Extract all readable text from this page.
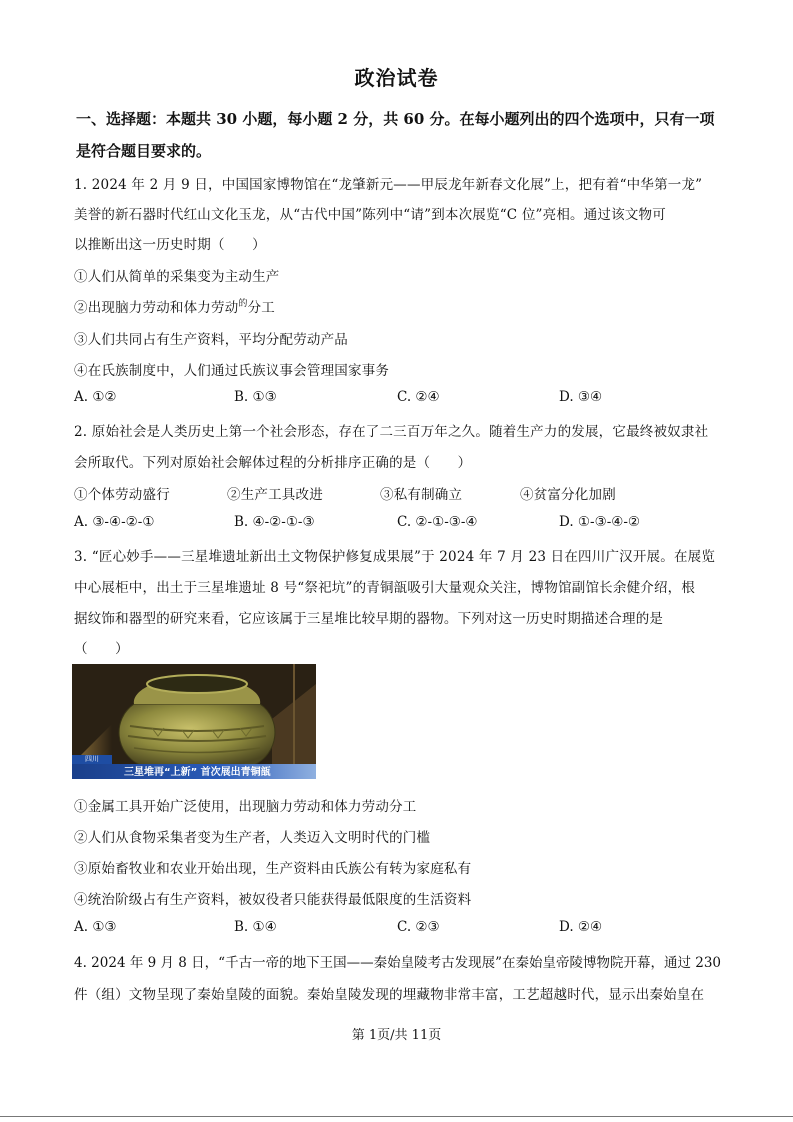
政治试卷
一、选择题：本题共 30 小题，每小题 2 分，共 60 分。在每小题列出的四个选项中，只有一项
是符合题目要求的。
1. 2024 年 2 月 9 日，中国国家博物馆在“龙肇新元——甲辰龙年新春文化展”上，把有着“中华第一龙”
美誉的新石器时代红山文化玉龙，从“古代中国”陈列中“请”到本次展览“C 位”亮相。通过该文物可
以推断出这一历史时期（　　）
①人们从简单的采集变为主动生产
②出现脑力劳动和体力劳动$^的$分工
③人们共同占有生产资料，平均分配劳动产品
④在氏族制度中，人们通过氏族议事会管理国家事务
A. ①②	B. ①③	C. ②④	D. ③④
2. 原始社会是人类历史上第一个社会形态，存在了二三百万年之久。随着生产力的发展，它最终被奴隶社
会所取代。下列对原始社会解体过程的分析排序正确的是（　　）
①个体劳动盛行	②生产工具改进	③私有制确立	④贫富分化加剧
A. ③-④-②-①	B. ④-②-①-③	C. ②-①-③-④	D. ①-③-④-②
3. “匠心妙手——三星堆遗址新出土文物保护修复成果展”于 2024 年 7 月 23 日在四川广汉开展。在展览
中心展柜中，出土于三星堆遗址 8 号“祭祀坑”的青铜瓿吸引大量观众关注，博物馆副馆长余健介绍，根
据纹饰和器型的研究来看，它应该属于三星堆比较早期的器物。下列对这一历史时期描述合理的是
（　　）
四川
三星堆再“上新” 首次展出青铜瓿
①金属工具开始广泛使用，出现脑力劳动和体力劳动分工
②人们从食物采集者变为生产者，人类迈入文明时代的门槛
③原始畜牧业和农业开始出现，生产资料由氏族公有转为家庭私有
④统治阶级占有生产资料，被奴役者只能获得最低限度的生活资料
A. ①③	B. ①④	C. ②③	D. ②④
4. 2024 年 9 月 8 日，“千古一帝的地下王国——秦始皇陵考古发现展”在秦始皇帝陵博物院开幕，通过 230
件（组）文物呈现了秦始皇陵的面貌。秦始皇陵发现的埋藏物非常丰富，工艺超越时代，显示出秦始皇在
第 1页/共 11页
